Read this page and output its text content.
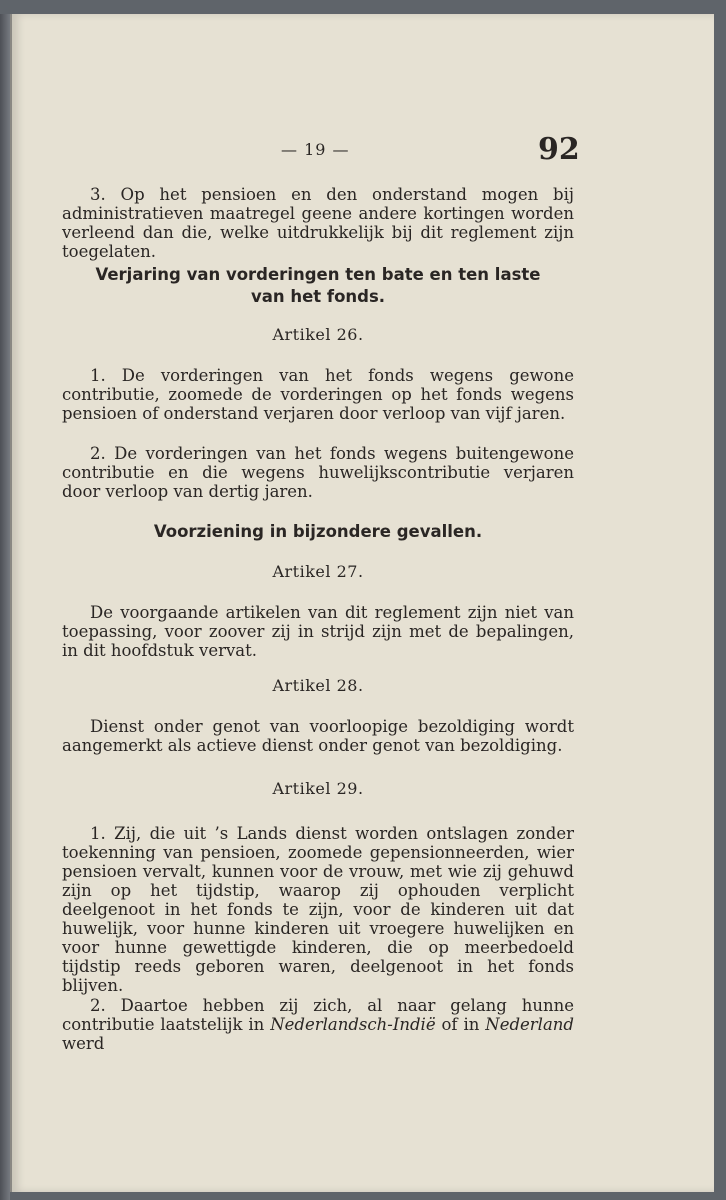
— 19 —	92

3. Op het pensioen en den onderstand mogen bij administratieven maatregel geene andere kortingen worden verleend dan die, welke uitdrukkelijk bij dit reglement zijn toegelaten.

Verjaring van vorderingen ten bate en ten laste
van het fonds.

Artikel 26.

1. De vorderingen van het fonds wegens gewone contributie, zoomede de vorderingen op het fonds wegens pensioen of onderstand verjaren door verloop van vijf jaren.

2. De vorderingen van het fonds wegens buitengewone contributie en die wegens huwelijkscontributie verjaren door verloop van dertig jaren.

Voorziening in bijzondere gevallen.

Artikel 27.

De voorgaande artikelen van dit reglement zijn niet van toepassing, voor zoover zij in strijd zijn met de bepalingen, in dit hoofdstuk vervat.

Artikel 28.

Dienst onder genot van voorloopige bezoldiging wordt aangemerkt als actieve dienst onder genot van bezoldiging.

Artikel 29.

1. Zij, die uit ’s Lands dienst worden ontslagen zonder toekenning van pensioen, zoomede gepensionneerden, wier pensioen vervalt, kunnen voor de vrouw, met wie zij gehuwd zijn op het tijdstip, waarop zij ophouden verplicht deelgenoot in het fonds te zijn, voor de kinderen uit dat huwelijk, voor hunne kinderen uit vroegere huwelijken en voor hunne gewettigde kinderen, die op meerbedoeld tijdstip reeds geboren waren, deelgenoot in het fonds blijven.

2. Daartoe hebben zij zich, al naar gelang hunne contributie laatstelijk in Nederlandsch-Indië of in Nederland werd
